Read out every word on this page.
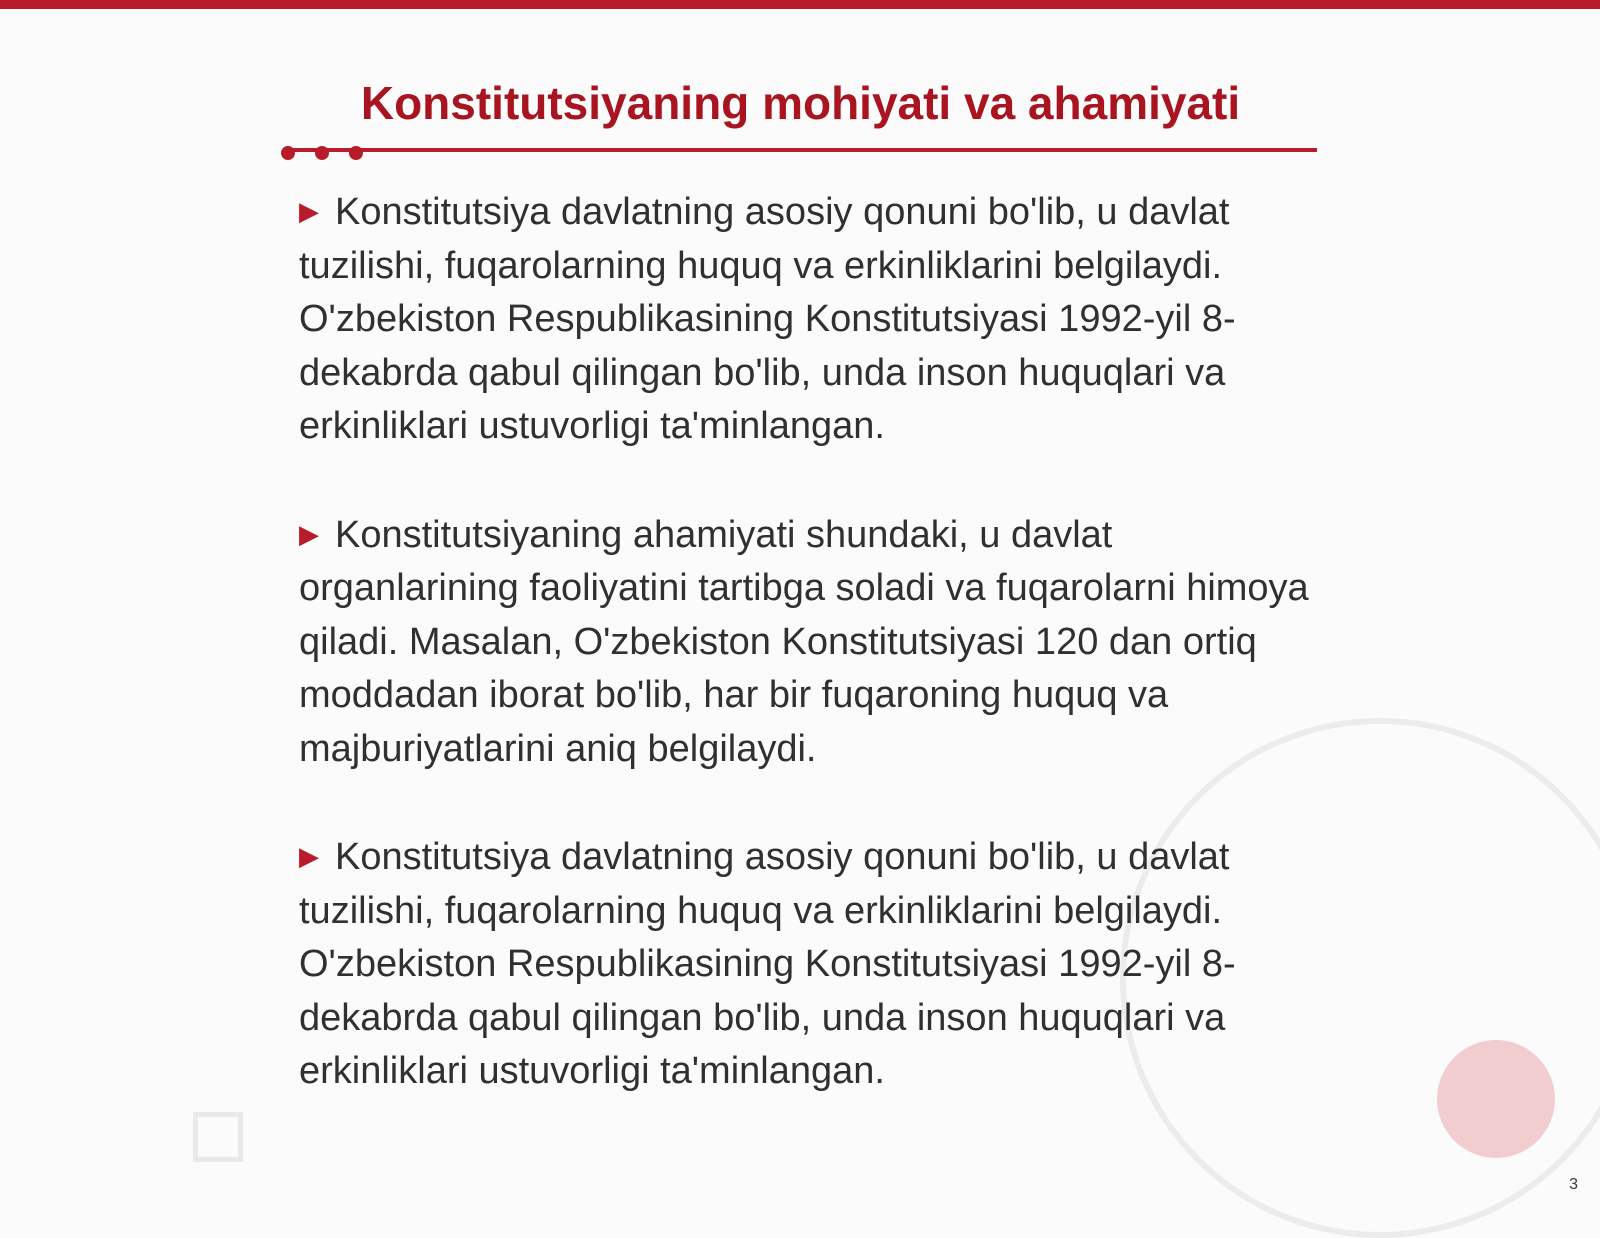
Konstitutsiyaning mohiyati va ahamiyati

▶ Konstitutsiya davlatning asosiy qonuni bo'lib, u davlat tuzilishi, fuqarolarning huquq va erkinliklarini belgilaydi. O'zbekiston Respublikasining Konstitutsiyasi 1992-yil 8-dekabrda qabul qilingan bo'lib, unda inson huquqlari va erkinliklari ustuvorligi ta'minlangan.

▶ Konstitutsiyaning ahamiyati shundaki, u davlat organlarining faoliyatini tartibga soladi va fuqarolarni himoya qiladi. Masalan, O'zbekiston Konstitutsiyasi 120 dan ortiq moddadan iborat bo'lib, har bir fuqaroning huquq va majburiyatlarini aniq belgilaydi.

▶ Konstitutsiya davlatning asosiy qonuni bo'lib, u davlat tuzilishi, fuqarolarning huquq va erkinliklarini belgilaydi. O'zbekiston Respublikasining Konstitutsiyasi 1992-yil 8-dekabrda qabul qilingan bo'lib, unda inson huquqlari va erkinliklari ustuvorligi ta'minlangan.

3
